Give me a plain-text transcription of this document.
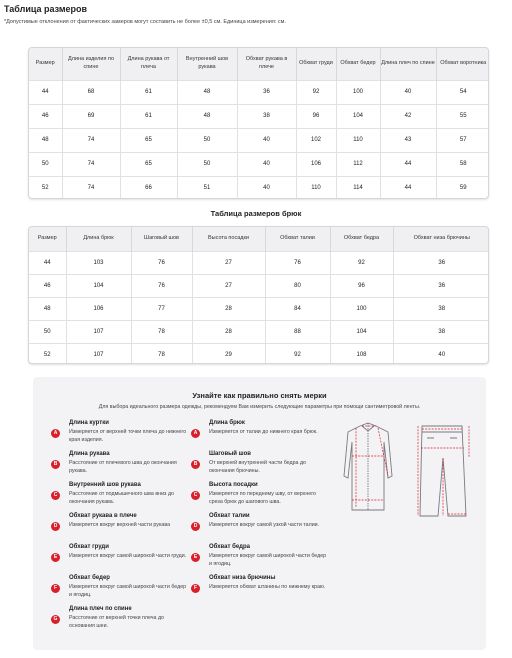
Таблица размеров
*Допустимые отклонения от фактических замеров могут составить не более ±0,5 см. Единица измерения: см.
Размер	Длина изделия по спине	Длина рукава от плеча	Внутренний шов рукава	Обхват рукава в плече	Обхват груди	Обхват бедер	Длина плеч по спине	Обхват воротника
44	68	61	48	36	92	100	40	54
46	69	61	48	38	96	104	42	55
48	74	65	50	40	102	110	43	57
50	74	65	50	40	106	112	44	58
52	74	66	51	40	110	114	44	59
Таблица размеров брюк
Размер	Длина брюк	Шаговый шов	Высота посадки	Обхват талии	Обхват бедра	Обхват низа брючины
44	103	76	27	76	92	36
46	104	76	27	80	96	36
48	106	77	28	84	100	38
50	107	78	28	88	104	38
52	107	78	29	92	108	40
Узнайте как правильно снять мерки
Для выбора идеального размера одежды, рекомендуем Вам измерить следующие параметры при помощи сантиметровой ленты.
A
Длина куртки
Измеряется от верхней точки плеча до нижнего края изделия.
B
Длина рукава
Расстояние от плечевого шва до окончания рукава.
C
Внутренний шов рукава
Расстояние от подмышечного шва вниз до окончания рукава.
D
Обхват рукава в плече
Измеряется вокруг верхней части рукава
E
Обхват груди
Измеряется вокруг самой широкой части груди.
F
Обхват бедер
Измеряется вокруг самой широкой части бедер и ягодиц.
G
Длина плеч по спине
Расстояние от верхней точки плеча до основания шеи.
A
Длина брюк
Измеряется от талии до нижнего края брюк.
B
Шаговый шов
От верхней внутренней части бедра до окончания брючины.
C
Высота посадки
Измеряется по переднему шву, от верхнего среза брюк до шагового шва.
D
Обхват талии
Измеряется вокруг самой узкой части талии.
E
Обхват бедра
Измеряется вокруг самой широкой части бедер и ягодиц.
F
Обхват низа брючины
Измеряется обхват штанины по нижнему краю.
